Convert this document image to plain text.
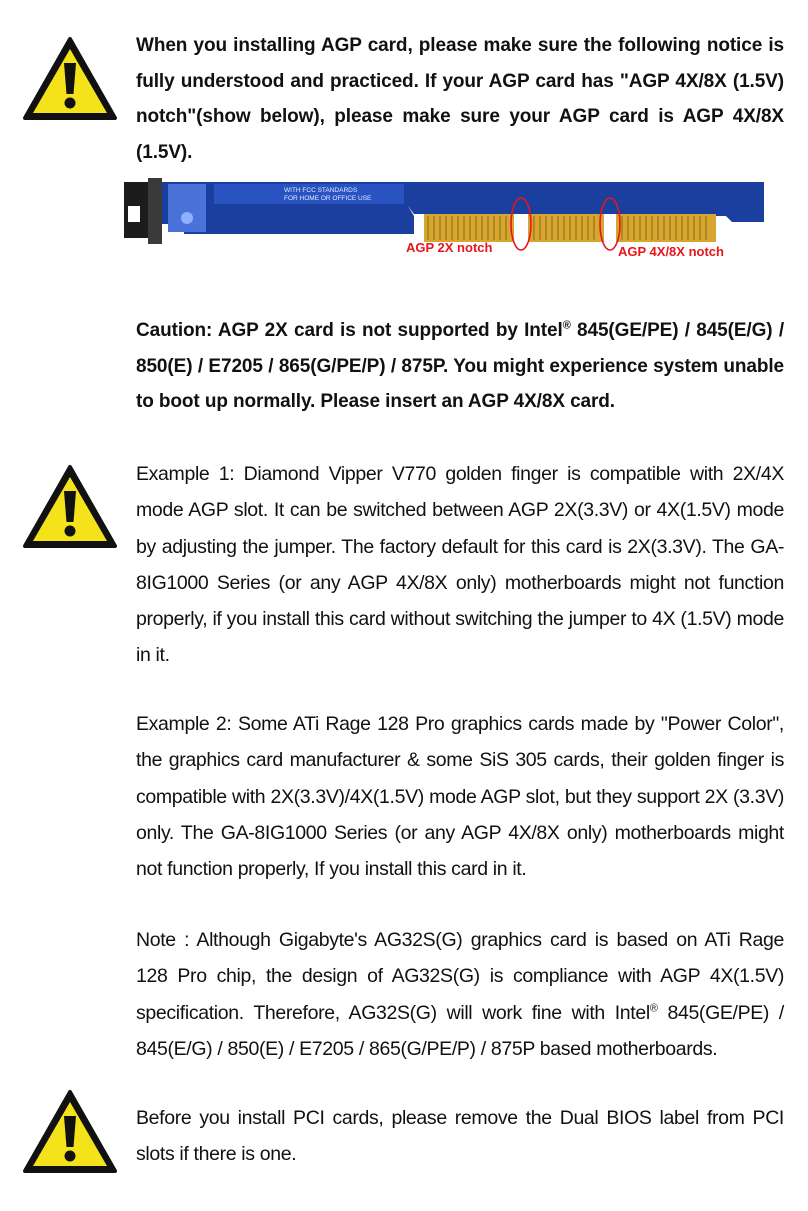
When you installing AGP card, please make sure the following notice is fully understood and practiced. If your AGP card has "AGP 4X/8X (1.5V) notch"(show below), please make sure your AGP card is AGP 4X/8X (1.5V).

WITH FCC STANDARDS
FOR HOME OR OFFICE USE
AGP 2X notch	AGP 4X/8X notch

Caution: AGP 2X card is not supported by Intel® 845(GE/PE) / 845(E/G) / 850(E) / E7205 / 865(G/PE/P) / 875P. You might experience system unable to boot up normally. Please insert an AGP 4X/8X card.

Example 1: Diamond Vipper V770 golden finger is compatible with 2X/4X mode AGP slot. It can be switched between AGP 2X(3.3V) or 4X(1.5V) mode by adjusting the jumper. The factory default for this card is 2X(3.3V). The GA-8IG1000 Series (or any AGP 4X/8X only) motherboards might not function properly, if you install this card without switching the jumper to 4X (1.5V) mode in it.

Example 2: Some ATi Rage 128 Pro graphics cards made by "Power Color", the graphics card manufacturer & some SiS 305 cards, their golden finger is compatible with 2X(3.3V)/4X(1.5V) mode AGP slot, but they support 2X (3.3V) only. The GA-8IG1000 Series (or any AGP 4X/8X only) motherboards might not function properly, If you install this card in it.

Note : Although Gigabyte's AG32S(G) graphics card is based on ATi Rage 128 Pro chip, the design of AG32S(G) is compliance with AGP 4X(1.5V) specification. Therefore, AG32S(G) will work fine with Intel® 845(GE/PE) / 845(E/G) / 850(E) / E7205 / 865(G/PE/P) / 875P based motherboards.

Before you install PCI cards, please remove the Dual BIOS label from PCI slots if there is one.
